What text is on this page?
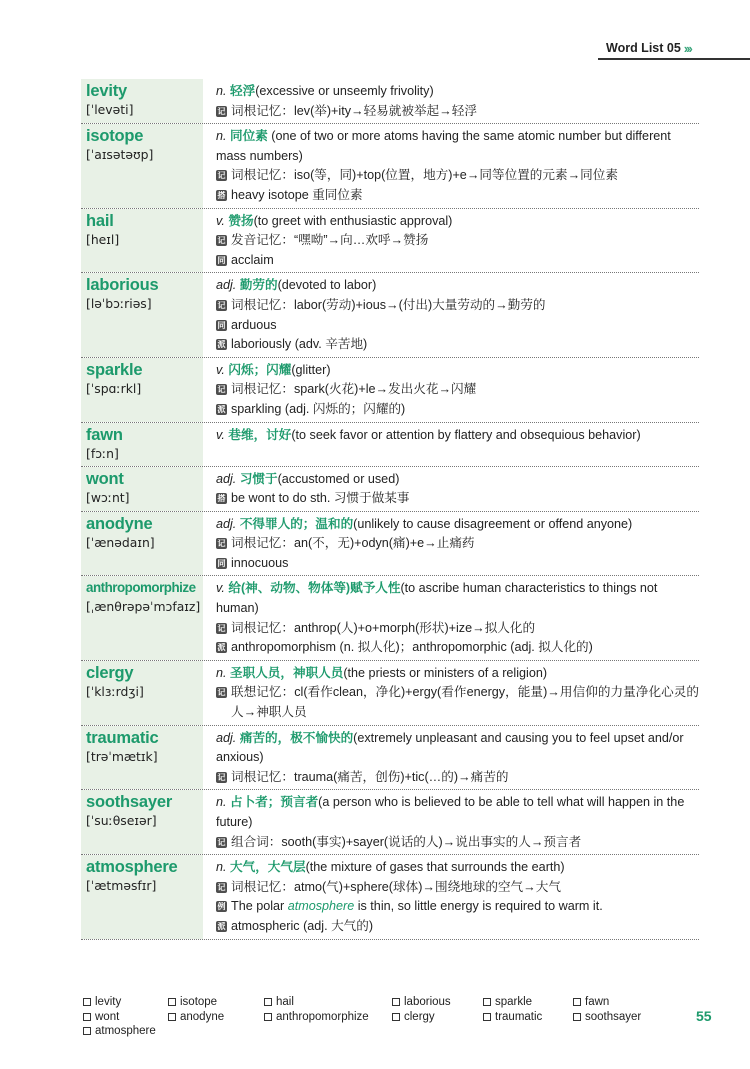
Word List 05 ›››
levity
[ˈlevəti]
n. 轻浮(excessive or unseemly frivolity)
记 词根记忆：lev(举)+ity→轻易就被举起→轻浮
isotope
[ˈaɪsətəʊp]
n. 同位素 (one of two or more atoms having the same atomic number but different mass numbers)
记 词根记忆：iso(等，同)+top(位置，地方)+e→同等位置的元素→同位素
搭 heavy isotope 重同位素
hail
[heɪl]
v. 赞扬(to greet with enthusiastic approval)
记 发音记忆：“嘿呦”→向…欢呼→赞扬
同 acclaim
laborious
[ləˈbɔːriəs]
adj. 勤劳的(devoted to labor)
记 词根记忆：labor(劳动)+ious→(付出)大量劳动的→勤劳的
同 arduous
派 laboriously (adv. 辛苦地)
sparkle
[ˈspɑːrkl]
v. 闪烁；闪耀(glitter)
记 词根记忆：spark(火花)+le→发出火花→闪耀
派 sparkling (adj. 闪烁的；闪耀的)
fawn
[fɔːn]
v. 巷维，讨好(to seek favor or attention by flattery and obsequious behavior)
wont
[wɔːnt]
adj. 习惯于(accustomed or used)
搭 be wont to do sth. 习惯于做某事
anodyne
[ˈænədaɪn]
adj. 不得罪人的；温和的(unlikely to cause disagreement or offend anyone)
记 词根记忆：an(不，无)+odyn(痛)+e→止痛药
同 innocuous
anthropomorphize
[ˌænθrəpəˈmɔfaɪz]
v. 给(神、动物、物体等)赋予人性(to ascribe human characteristics to things not human)
记 词根记忆：anthrop(人)+o+morph(形状)+ize→拟人化的
派 anthropomorphism (n. 拟人化)；anthropomorphic (adj. 拟人化的)
clergy
[ˈklɜːrdʒi]
n. 圣职人员，神职人员(the priests or ministers of a religion)
记 联想记忆：cl(看作clean，净化)+ergy(看作energy，能量)→用信仰的力量净化心灵的人→神职人员
traumatic
[trəˈmætɪk]
adj. 痛苦的，极不愉快的(extremely unpleasant and causing you to feel upset and/or anxious)
记 词根记忆：trauma(痛苦，创伤)+tic(…的)→痛苦的
soothsayer
[ˈsuːθseɪər]
n. 占卜者；预言者(a person who is believed to be able to tell what will happen in the future)
记 组合词：sooth(事实)+sayer(说话的人)→说出事实的人→预言者
atmosphere
[ˈætməsfɪr]
n. 大气，大气层(the mixture of gases that surrounds the earth)
记 词根记忆：atmo(气)+sphere(球体)→围绕地球的空气→大气
例 The polar atmosphere is thin, so little energy is required to warm it.
派 atmospheric (adj. 大气的)
levity	isotope	hail	laborious	sparkle	fawn
wont	anodyne	anthropomorphize	clergy	traumatic	soothsayer
atmosphere
55
